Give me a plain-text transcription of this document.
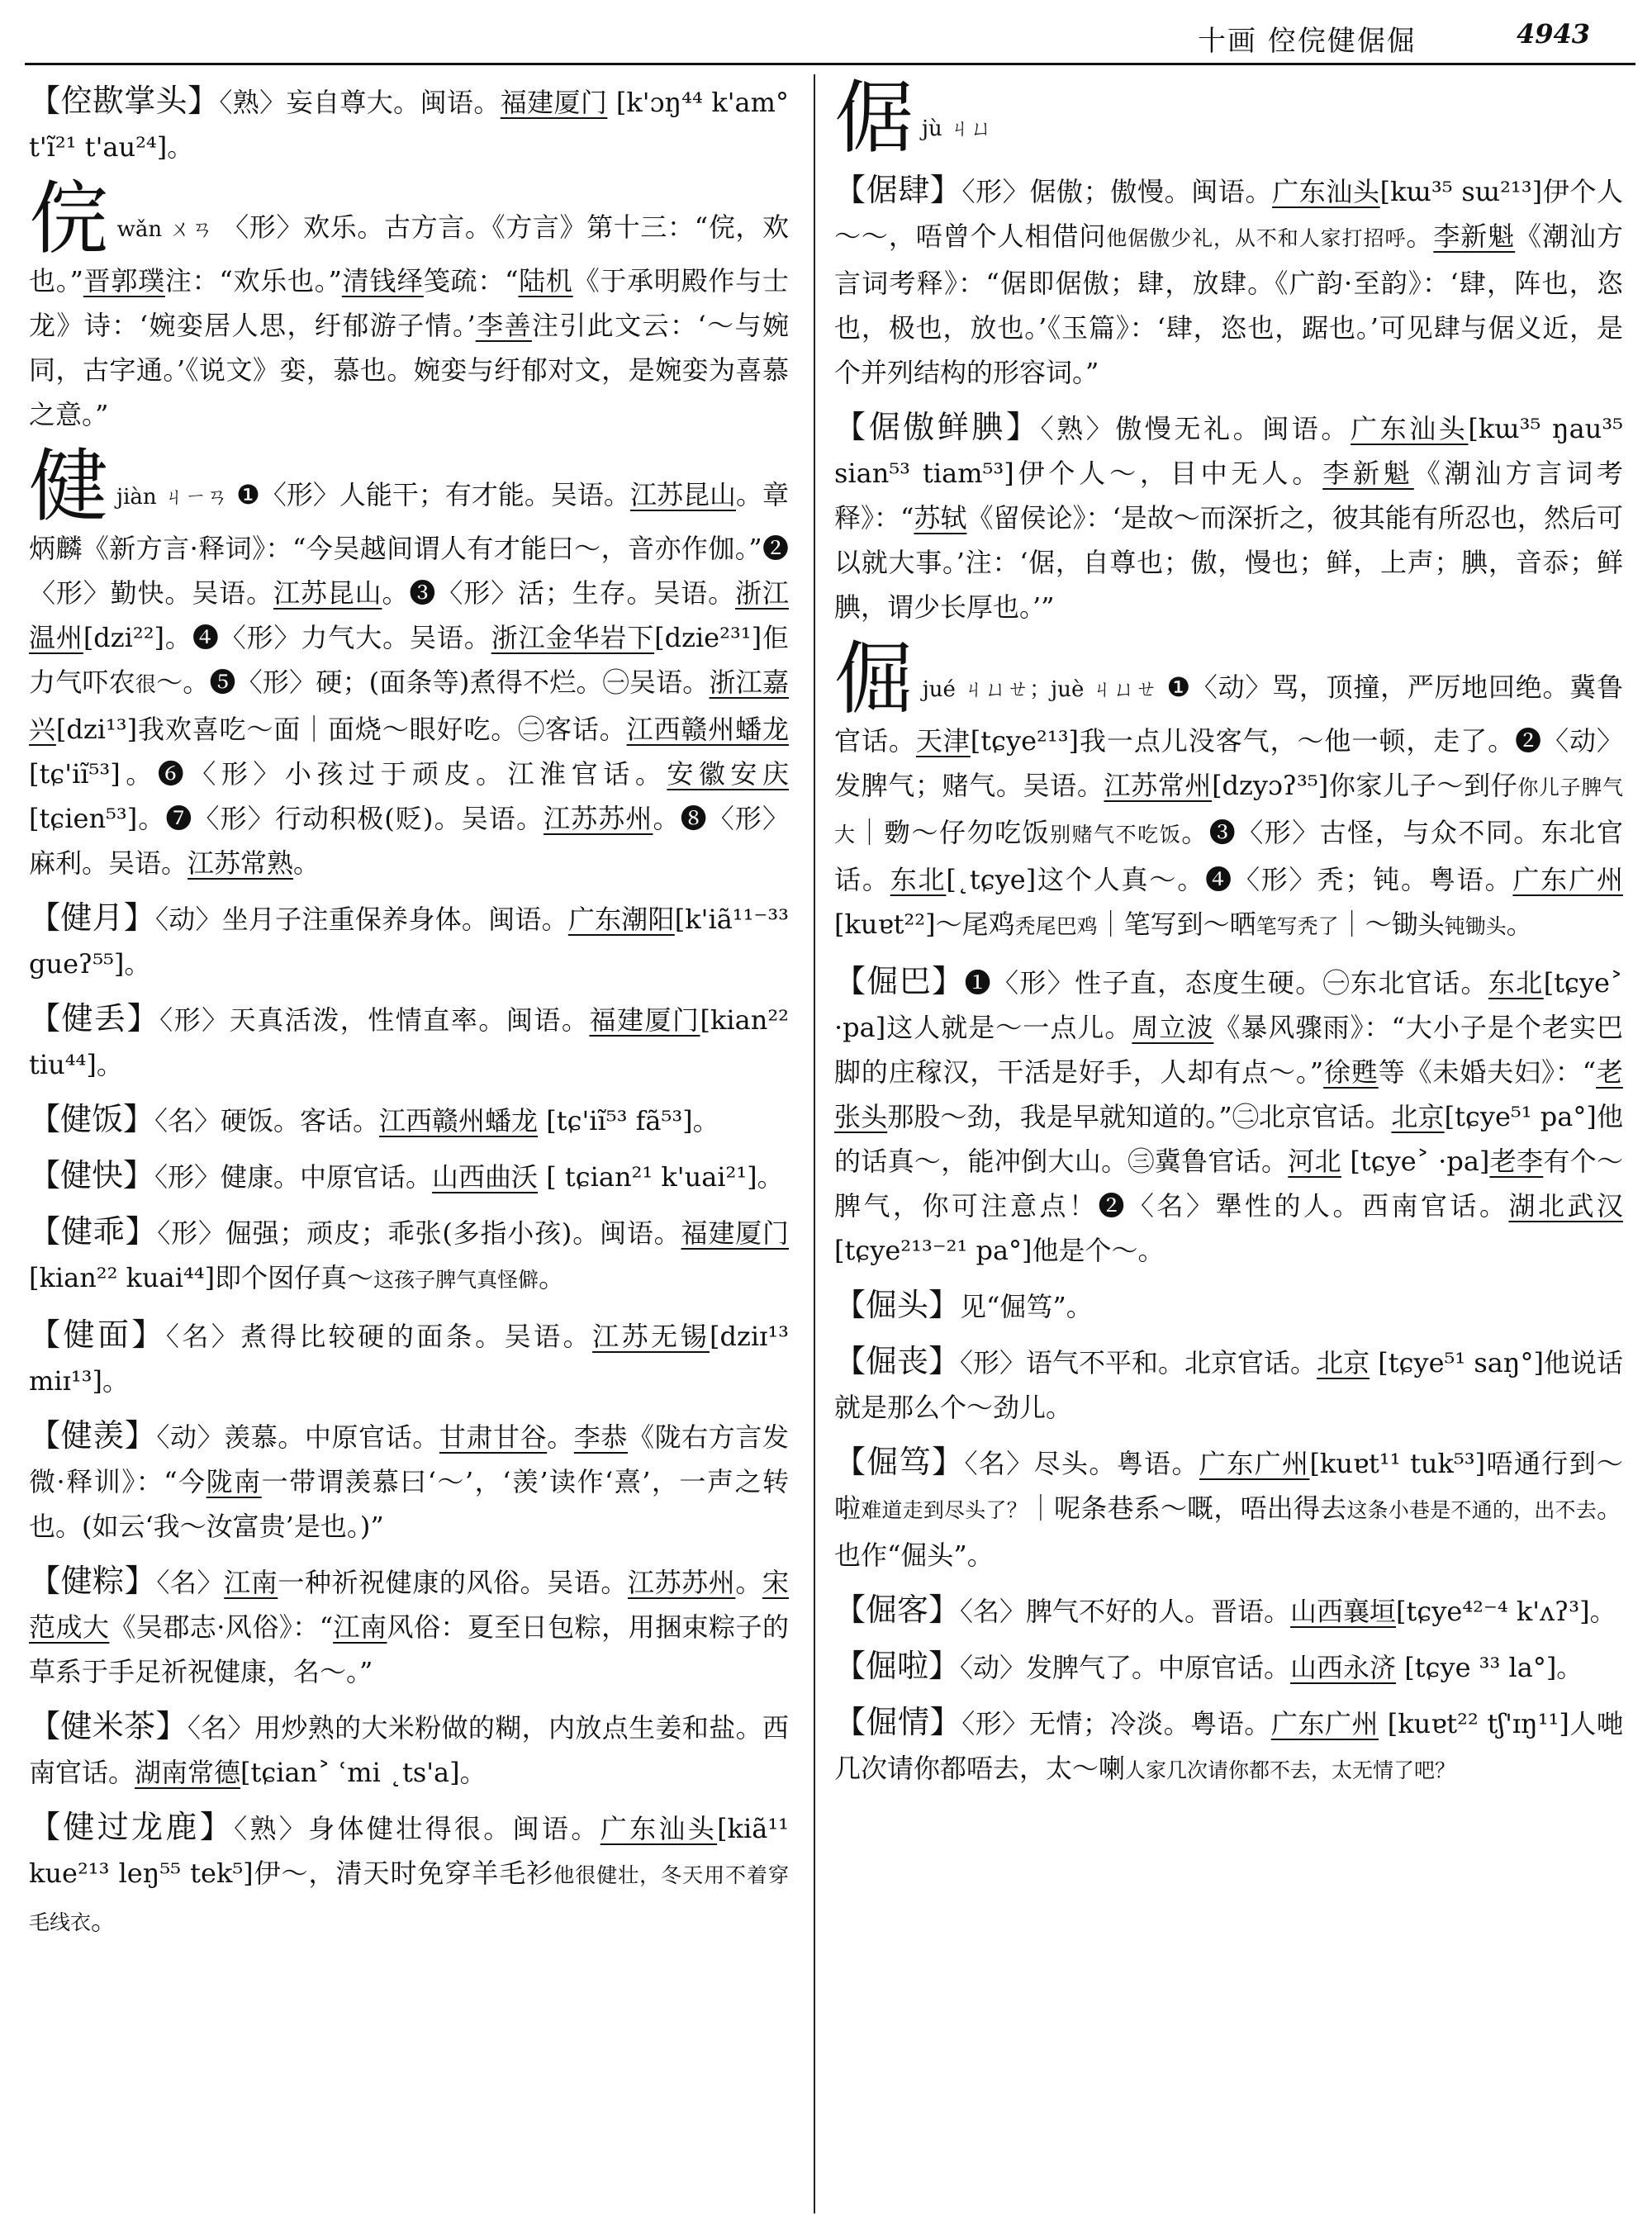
十画 倥俒健倨倔	4943
【倥歁掌头】〈熟〉妄自尊大。闽语。福建厦门 [k'ɔŋ⁴⁴ k'am° t'ĩ²¹ t'au²⁴]。
俒wǎn ㄨㄢ 〈形〉欢乐。古方言。《方言》第十三：“俒，欢也。”晋郭璞注：“欢乐也。”清钱绎笺疏：“陆机《于承明殿作与士龙》诗：‘婉娈居人思，纡郁游子情。’李善注引此文云：‘～与婉同，古字通。’《说文》娈，慕也。婉娈与纡郁对文，是婉娈为喜慕之意。”
健jiàn ㄐㄧㄢ ❶〈形〉人能干；有才能。吴语。江苏昆山。章炳麟《新方言·释词》：“今吴越间谓人有才能曰～，音亦作伽。”❷〈形〉勤快。吴语。江苏昆山。❸〈形〉活；生存。吴语。浙江温州[dzi²²]。❹〈形〉力气大。吴语。浙江金华岩下[dzie²³¹]佢力气吓农很～。❺〈形〉硬；(面条等)煮得不烂。㊀吴语。浙江嘉兴[dzi¹³]我欢喜吃～面｜面烧～眼好吃。㊁客话。江西赣州蟠龙[tɕ'iĩ⁵³]。❻〈形〉小孩过于顽皮。江淮官话。安徽安庆[tɕien⁵³]。❼〈形〉行动积极(贬)。吴语。江苏苏州。❽〈形〉麻利。吴语。江苏常熟。
【健月】〈动〉坐月子注重保养身体。闽语。广东潮阳[k'iã¹¹⁻³³ gueʔ⁵⁵]。
【健丢】〈形〉天真活泼，性情直率。闽语。福建厦门[kian²² tiu⁴⁴]。
【健饭】〈名〉硬饭。客话。江西赣州蟠龙 [tɕ'iĩ⁵³ fã⁵³]。
【健快】〈形〉健康。中原官话。山西曲沃 [ tɕian²¹ k'uai²¹]。
【健乖】〈形〉倔强；顽皮；乖张(多指小孩)。闽语。福建厦门[kian²² kuai⁴⁴]即个囡仔真～这孩子脾气真怪僻。
【健面】〈名〉煮得比较硬的面条。吴语。江苏无锡[dziɪ¹³ miɪ¹³]。
【健羡】〈动〉羡慕。中原官话。甘肃甘谷。李恭《陇右方言发微·释训》：“今陇南一带谓羡慕曰‘～’，‘羡’读作‘熹’，一声之转也。(如云‘我～汝富贵’是也。)”
【健粽】〈名〉江南一种祈祝健康的风俗。吴语。江苏苏州。宋范成大《吴郡志·风俗》：“江南风俗：夏至日包粽，用捆束粽子的草系于手足祈祝健康，名～。”
【健米茶】〈名〉用炒熟的大米粉做的糊，内放点生姜和盐。西南官话。湖南常德[tɕian˃ ʿmi ˛ts'a]。
【健过龙鹿】〈熟〉身体健壮得很。闽语。广东汕头[kiã¹¹ kue²¹³ leŋ⁵⁵ tek⁵]伊～，清天时免穿羊毛衫他很健壮，冬天用不着穿毛线衣。
倨jù ㄐㄩ
【倨肆】〈形〉倨傲；傲慢。闽语。广东汕头[kɯ³⁵ sɯ²¹³]伊个人～～，唔曾个人相借问他倨傲少礼，从不和人家打招呼。李新魁《潮汕方言词考释》：“倨即倨傲；肆，放肆。《广韵·至韵》：‘肆，阵也，恣也，极也，放也。’《玉篇》：‘肆，恣也，踞也。’可见肆与倨义近，是个并列结构的形容词。”
【倨傲鲜腆】〈熟〉傲慢无礼。闽语。广东汕头[kɯ³⁵ ŋau³⁵ sian⁵³ tiam⁵³]伊个人～，目中无人。李新魁《潮汕方言词考释》：“苏轼《留侯论》：‘是故～而深折之，彼其能有所忍也，然后可以就大事。’注：‘倨，自尊也；傲，慢也；鲜，上声；腆，音忝；鲜腆，谓少长厚也。’”
倔jué ㄐㄩㄝ；juè ㄐㄩㄝ ❶〈动〉骂，顶撞，严厉地回绝。冀鲁官话。天津[tɕye²¹³]我一点儿没客气，～他一顿，走了。❷〈动〉发脾气；赌气。吴语。江苏常州[dzyɔʔ³⁵]你家儿子～到仔你儿子脾气大｜覅～仔勿吃饭别赌气不吃饭。❸〈形〉古怪，与众不同。东北官话。东北[˛tɕye]这个人真～。❹〈形〉秃；钝。粤语。广东广州[kuɐt²²]～尾鸡秃尾巴鸡｜笔写到～晒笔写秃了｜～锄头钝锄头。
【倔巴】❶〈形〉性子直，态度生硬。㊀东北官话。东北[tɕye˃ ·pa]这人就是～一点儿。周立波《暴风骤雨》：“大小子是个老实巴脚的庄稼汉，干活是好手，人却有点～。”徐甦等《未婚夫妇》：“老张头那股～劲，我是早就知道的。”㊁北京官话。北京[tɕye⁵¹ pa°]他的话真～，能冲倒大山。㊂冀鲁官话。河北 [tɕye˃ ·pa]老李有个～脾气，你可注意点！❷〈名〉犟性的人。西南官话。湖北武汉[tɕye²¹³⁻²¹ pa°]他是个～。
【倔头】见“倔笃”。
【倔丧】〈形〉语气不平和。北京官话。北京 [tɕye⁵¹ saŋ°]他说话就是那么个～劲儿。
【倔笃】〈名〉尽头。粤语。广东广州[kuɐt¹¹ tuk⁵³]唔通行到～啦难道走到尽头了？｜呢条巷系～嘅，唔出得去这条小巷是不通的，出不去。也作“倔头”。
【倔客】〈名〉脾气不好的人。晋语。山西襄垣[tɕye⁴²⁻⁴ k'ʌʔ³]。
【倔啦】〈动〉发脾气了。中原官话。山西永济 [tɕye ³³ la°]。
【倔情】〈形〉无情；冷淡。粤语。广东广州 [kuɐt²² tʃ'ɪŋ¹¹]人哋几次请你都唔去，太～喇人家几次请你都不去，太无情了吧？
